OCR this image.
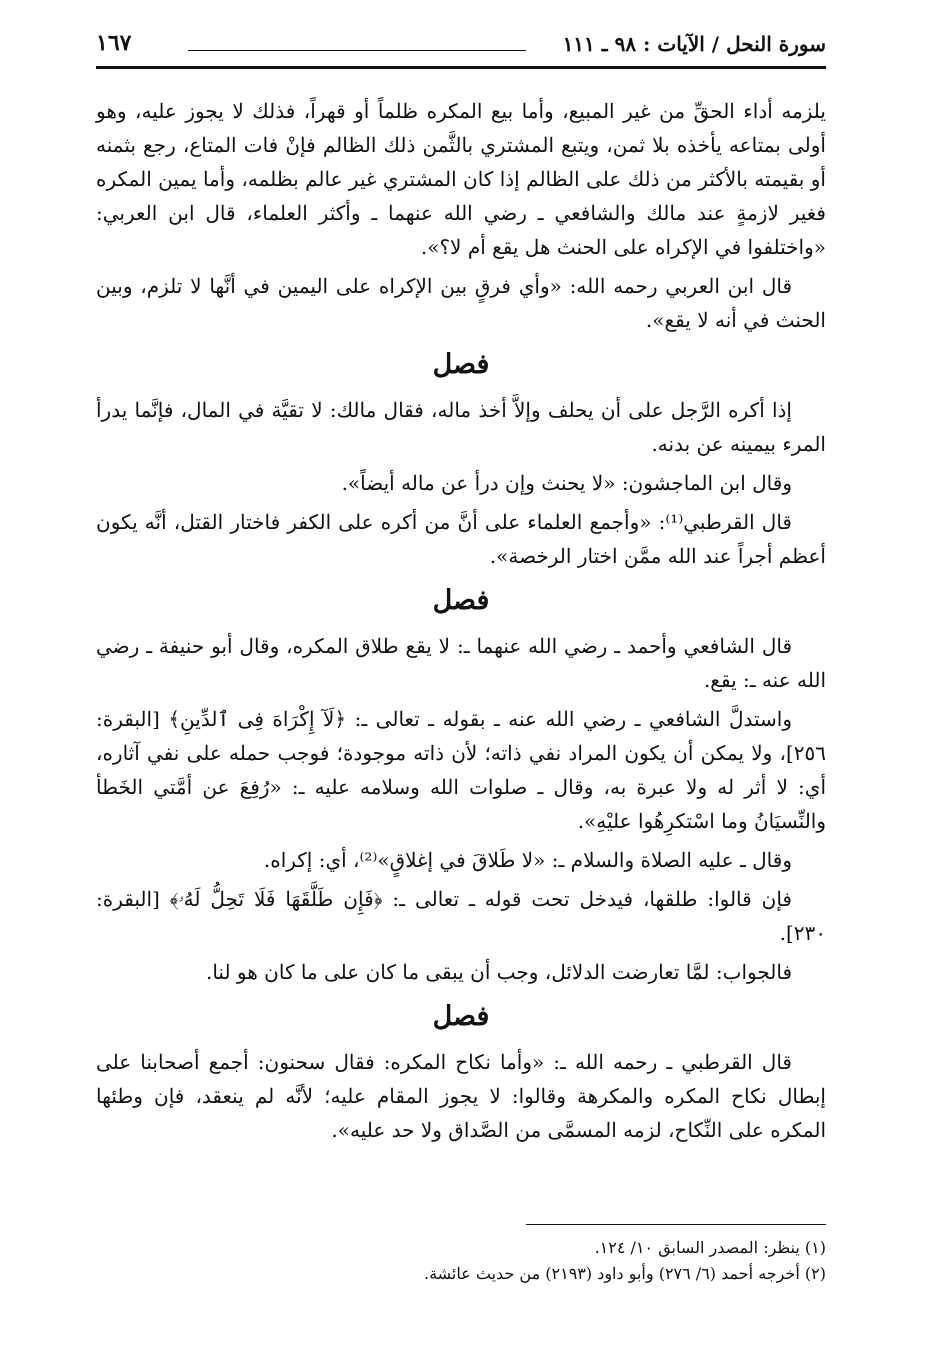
سورة النحل / الآيات : ٩٨ ـ ١١١
١٦٧

يلزمه أداء الحقِّ من غير المبيع، وأما بيع المكره ظلماً أو قهراً، فذلك لا يجوز عليه، وهو أولى بمتاعه يأخذه بلا ثمن، ويتبع المشتري بالثَّمن ذلك الظالم فإنْ فات المتاع، رجع بثمنه أو بقيمته بالأكثر من ذلك على الظالم إذا كان المشتري غير عالم بظلمه، وأما يمين المكره فغير لازمةٍ عند مالك والشافعي ـ رضي الله عنهما ـ وأكثر العلماء، قال ابن العربي: «واختلفوا في الإكراه على الحنث هل يقع أم لا؟».

قال ابن العربي رحمه الله: «وأي فرقٍ بين الإكراه على اليمين في أنَّها لا تلزم، وبين الحنث في أنه لا يقع».

فصل

إذا أكره الرَّجل على أن يحلف وإلاَّ أخذ ماله، فقال مالك: لا تقيَّة في المال، فإنَّما يدرأ المرء بيمينه عن بدنه.

وقال ابن الماجشون: «لا يحنث وإن درأ عن ماله أيضاً».

قال القرطبي⁽¹⁾: «وأجمع العلماء على أنَّ من أكره على الكفر فاختار القتل، أنَّه يكون أعظم أجراً عند الله ممَّن اختار الرخصة».

فصل

قال الشافعي وأحمد ـ رضي الله عنهما ـ: لا يقع طلاق المكره، وقال أبو حنيفة ـ رضي الله عنه ـ: يقع.

واستدلَّ الشافعي ـ رضي الله عنه ـ بقوله ـ تعالى ـ: ﴿لَآ إِكْرَاهَ فِى ٱلدِّينِ﴾ [البقرة: ٢٥٦]، ولا يمكن أن يكون المراد نفي ذاته؛ لأن ذاته موجودة؛ فوجب حمله على نفي آثاره، أي: لا أثر له ولا عبرة به، وقال ـ صلوات الله وسلامه عليه ـ: «رُفِعَ عن أمَّتي الخَطأ والنِّسيَانُ وما اسْتكرِهُوا عليْهِ».

وقال ـ عليه الصلاة والسلام ـ: «لا طَلاقَ في إغلاقٍ»⁽²⁾، أي: إكراه.

فإن قالوا: طلقها، فيدخل تحت قوله ـ تعالى ـ: ﴿فَإِن طَلَّقَهَا فَلَا تَحِلُّ لَهُۥ﴾ [البقرة: ٢٣٠].

فالجواب: لمَّا تعارضت الدلائل، وجب أن يبقى ما كان على ما كان هو لنا.

فصل

قال القرطبي ـ رحمه الله ـ: «وأما نكاح المكره: فقال سحنون: أجمع أصحابنا على إبطال نكاح المكره والمكرهة وقالوا: لا يجوز المقام عليه؛ لأنَّه لم ينعقد، فإن وطئها المكره على النِّكاح، لزمه المسمَّى من الصَّداق ولا حد عليه».

(١) ينظر: المصدر السابق ١٠/ ١٢٤.

(٢) أخرجه أحمد (٦/ ٢٧٦) وأبو داود (٢١٩٣) من حديث عائشة.
